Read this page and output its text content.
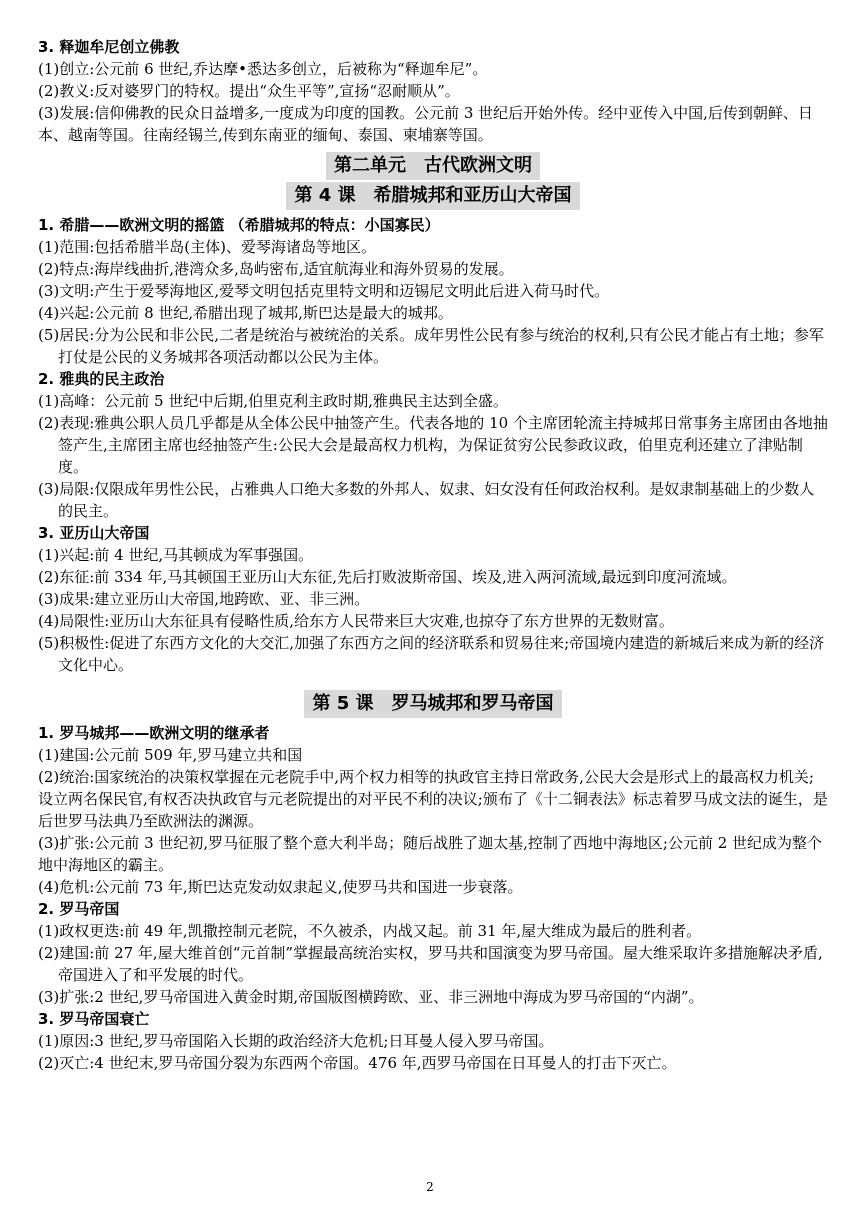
3. 释迦牟尼创立佛教
(1)创立:公元前 6 世纪,乔达摩•悉达多创立，后被称为“释迦牟尼”。
(2)教义:反对婆罗门的特权。提出“众生平等”,宣扬“忍耐顺从”。
(3)发展:信仰佛教的民众日益增多,一度成为印度的国教。公元前 3 世纪后开始外传。经中亚传入中国,后传到朝鲜、日本、越南等国。往南经锡兰,传到东南亚的缅甸、泰国、柬埔寨等国。
第二单元　古代欧洲文明
第 4 课　希腊城邦和亚历山大帝国
1. 希腊——欧洲文明的摇篮 （希腊城邦的特点：小国寡民）
(1)范围:包括希腊半岛(主体)、爱琴海诸岛等地区。
(2)特点:海岸线曲折,港湾众多,岛屿密布,适宜航海业和海外贸易的发展。
(3)文明:产生于爱琴海地区,爱琴文明包括克里特文明和迈锡尼文明此后进入荷马时代。
(4)兴起:公元前 8 世纪,希腊出现了城邦,斯巴达是最大的城邦。
(5)居民:分为公民和非公民,二者是统治与被统治的关系。成年男性公民有参与统治的权利,只有公民才能占有土地；参军打仗是公民的义务城邦各项活动都以公民为主体。
2. 雅典的民主政治
(1)高峰：公元前 5 世纪中后期,伯里克利主政时期,雅典民主达到全盛。
(2)表现:雅典公职人员几乎都是从全体公民中抽签产生。代表各地的 10 个主席团轮流主持城邦日常事务主席团由各地抽签产生,主席团主席也经抽签产生:公民大会是最高权力机构，为保证贫穷公民参政议政，伯里克利还建立了津贴制度。
(3)局限:仅限成年男性公民，占雅典人口绝大多数的外邦人、奴隶、妇女没有任何政治权利。是奴隶制基础上的少数人的民主。
3. 亚历山大帝国
(1)兴起:前 4 世纪,马其顿成为军事强国。
(2)东征:前 334 年,马其顿国王亚历山大东征,先后打败波斯帝国、埃及,进入两河流域,最远到印度河流域。
(3)成果:建立亚历山大帝国,地跨欧、亚、非三洲。
(4)局限性:亚历山大东征具有侵略性质,给东方人民带来巨大灾难,也掠夺了东方世界的无数财富。
(5)积极性:促进了东西方文化的大交汇,加强了东西方之间的经济联系和贸易往来;帝国境内建造的新城后来成为新的经济文化中心。
第 5 课　罗马城邦和罗马帝国
1. 罗马城邦——欧洲文明的继承者
(1)建国:公元前 509 年,罗马建立共和国
(2)统治:国家统治的决策权掌握在元老院手中,两个权力相等的执政官主持日常政务,公民大会是形式上的最高权力机关;设立两名保民官,有权否决执政官与元老院提出的对平民不利的决议;颁布了《十二铜表法》标志着罗马成文法的诞生，是后世罗马法典乃至欧洲法的渊源。
(3)扩张:公元前 3 世纪初,罗马征服了整个意大利半岛；随后战胜了迦太基,控制了西地中海地区;公元前 2 世纪成为整个地中海地区的霸主。
(4)危机:公元前 73 年,斯巴达克发动奴隶起义,使罗马共和国进一步衰落。
2. 罗马帝国
(1)政权更迭:前 49 年,凯撒控制元老院，不久被杀，内战又起。前 31 年,屋大维成为最后的胜利者。
(2)建国:前 27 年,屋大维首创“元首制”掌握最高统治实权，罗马共和国演变为罗马帝国。屋大维采取许多措施解决矛盾,帝国进入了和平发展的时代。
(3)扩张:2 世纪,罗马帝国进入黄金时期,帝国版图横跨欧、亚、非三洲地中海成为罗马帝国的“内湖”。
3. 罗马帝国衰亡
(1)原因:3 世纪,罗马帝国陷入长期的政治经济大危机;日耳曼人侵入罗马帝国。
(2)灭亡:4 世纪末,罗马帝国分裂为东西两个帝国。476 年,西罗马帝国在日耳曼人的打击下灭亡。
2
